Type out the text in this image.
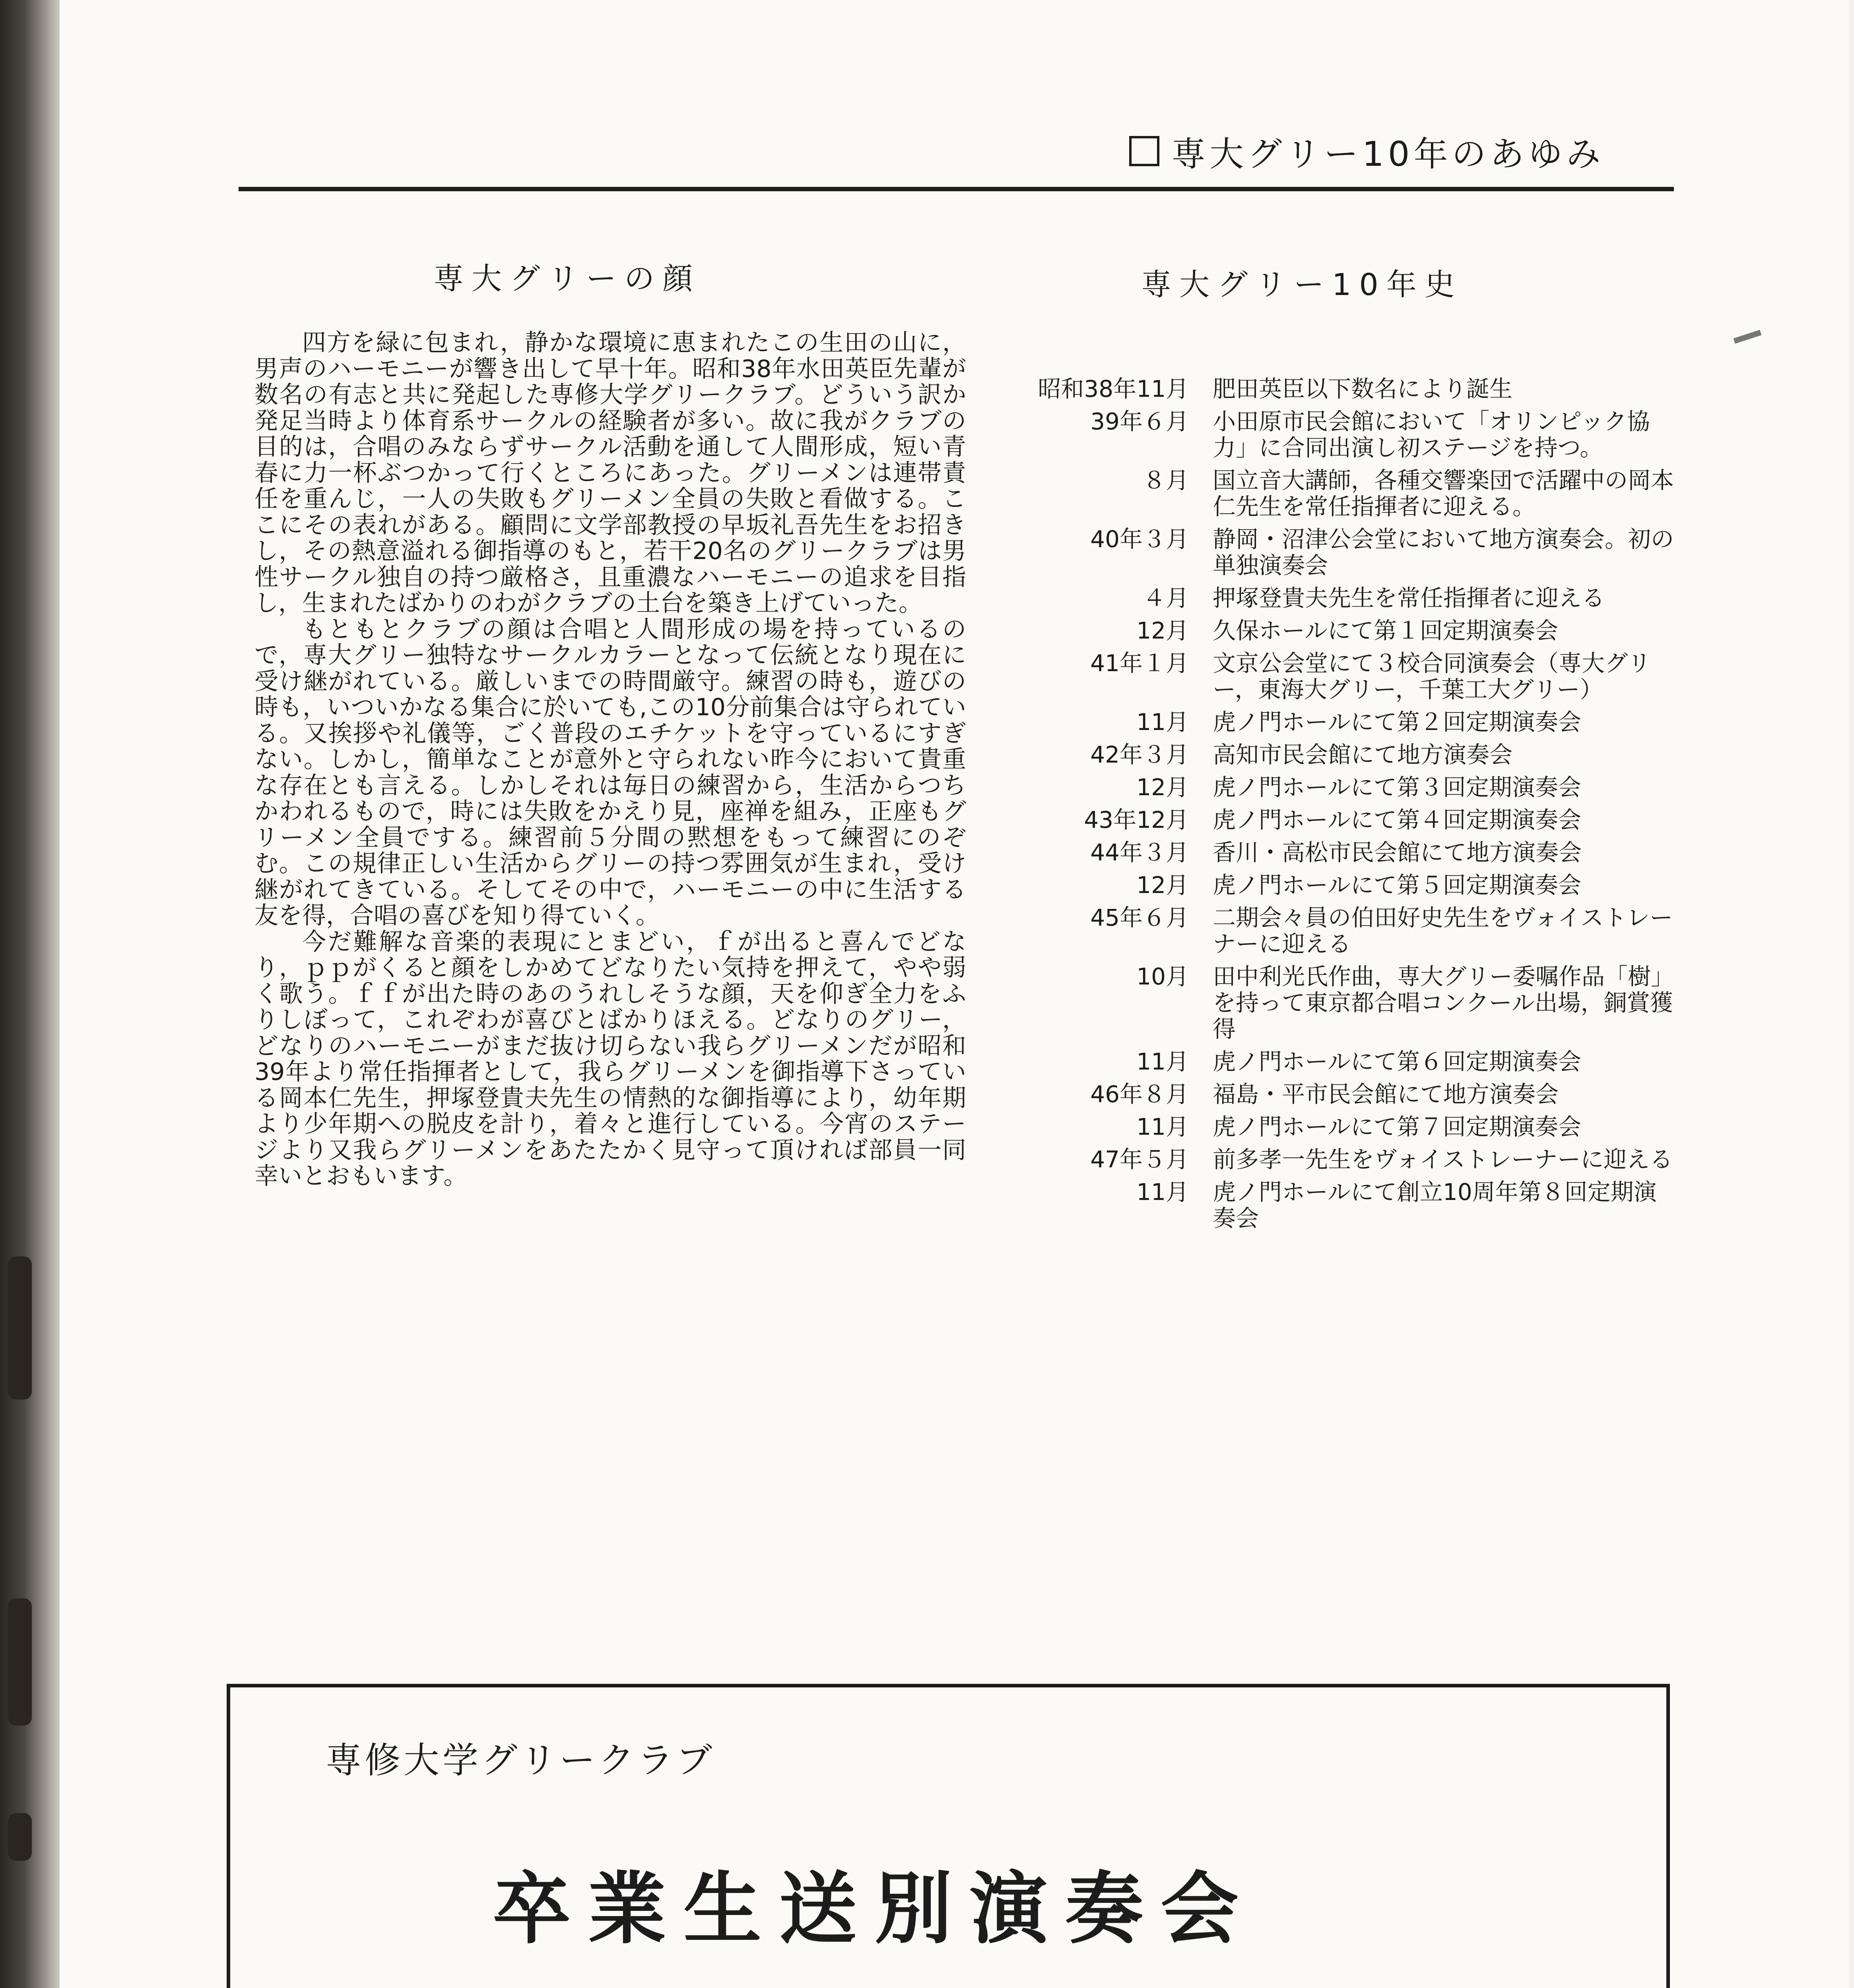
専大グリー10年のあゆみ
専大グリーの顔	専大グリー10年史

四方を緑に包まれ，静かな環境に恵まれたこの生田の山に，男声のハーモニーが響き出して早十年。昭和38年水田英臣先輩が数名の有志と共に発起した専修大学グリークラブ。どういう訳か発足当時より体育系サークルの経験者が多い。故に我がクラブの目的は，合唱のみならずサークル活動を通して人間形成，短い青春に力一杯ぶつかって行くところにあった。グリーメンは連帯責任を重んじ，一人の失敗もグリーメン全員の失敗と看做する。ここにその表れがある。顧問に文学部教授の早坂礼吾先生をお招きし，その熱意溢れる御指導のもと，若干20名のグリークラブは男性サークル独自の持つ厳格さ，且重濃なハーモニーの追求を目指し，生まれたばかりのわがクラブの土台を築き上げていった。

もともとクラブの顔は合唱と人間形成の場を持っているので，専大グリー独特なサークルカラーとなって伝統となり現在に受け継がれている。厳しいまでの時間厳守。練習の時も，遊びの時も，いついかなる集合に於いても,この10分前集合は守られている。又挨拶や礼儀等，ごく普段のエチケットを守っているにすぎない。しかし，簡単なことが意外と守られない昨今において貴重な存在とも言える。しかしそれは毎日の練習から，生活からつちかわれるもので，時には失敗をかえり見，座禅を組み，正座もグリーメン全員でする。練習前５分間の黙想をもって練習にのぞむ。この規律正しい生活からグリーの持つ雰囲気が生まれ，受け継がれてきている。そしてその中で，ハーモニーの中に生活する友を得，合唱の喜びを知り得ていく。

今だ難解な音楽的表現にとまどい，ｆが出ると喜んでどなり，ｐｐがくると顔をしかめてどなりたい気持を押えて，やや弱く歌う。ｆｆが出た時のあのうれしそうな顔，天を仰ぎ全力をふりしぼって，これぞわが喜びとばかりほえる。どなりのグリー，どなりのハーモニーがまだ抜け切らない我らグリーメンだが昭和39年より常任指揮者として，我らグリーメンを御指導下さっている岡本仁先生，押塚登貴夫先生の情熱的な御指導により，幼年期より少年期への脱皮を計り，着々と進行している。今宵のステージより又我らグリーメンをあたたかく見守って頂ければ部員一同幸いとおもいます。

昭和38年11月 肥田英臣以下数名により誕生
39年６月 小田原市民会館において「オリンピック協力」に合同出演し初ステージを持つ。
８月 国立音大講師，各種交響楽団で活躍中の岡本仁先生を常任指揮者に迎える。
40年３月 静岡・沼津公会堂において地方演奏会。初の単独演奏会
４月 押塚登貴夫先生を常任指揮者に迎える
12月 久保ホールにて第１回定期演奏会
41年１月 文京公会堂にて３校合同演奏会（専大グリー，東海大グリー，千葉工大グリー）
11月 虎ノ門ホールにて第２回定期演奏会
42年３月 高知市民会館にて地方演奏会
12月 虎ノ門ホールにて第３回定期演奏会
43年12月 虎ノ門ホールにて第４回定期演奏会
44年３月 香川・高松市民会館にて地方演奏会
12月 虎ノ門ホールにて第５回定期演奏会
45年６月 二期会々員の伯田好史先生をヴォイストレーナーに迎える
10月 田中利光氏作曲，専大グリー委嘱作品「樹」を持って東京都合唱コンクール出場，銅賞獲得
11月 虎ノ門ホールにて第６回定期演奏会
46年８月 福島・平市民会館にて地方演奏会
11月 虎ノ門ホールにて第７回定期演奏会
47年５月 前多孝一先生をヴォイストレーナーに迎える
11月 虎ノ門ホールにて創立10周年第８回定期演奏会
専修大学グリークラブ
卒業生送別演奏会
